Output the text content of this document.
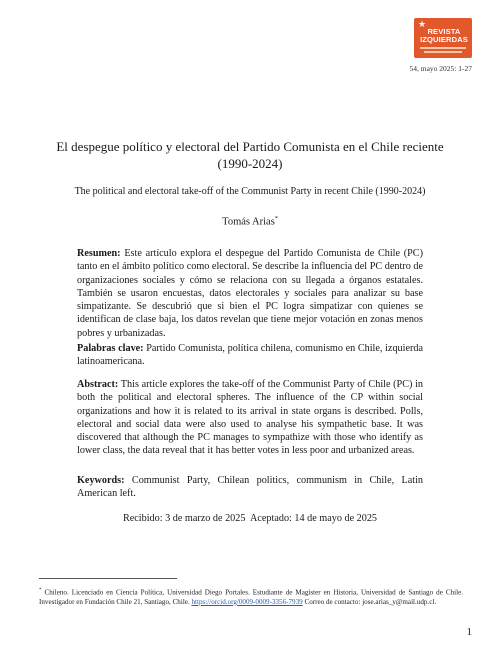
★
REVISTA
IZQUIERDAS
54, mayo 2025: 1-27
El despegue político y electoral del Partido Comunista en el Chile reciente (1990-2024)
The political and electoral take-off of the Communist Party in recent Chile (1990-2024)
Tomás Arias*

Resumen: Este artículo explora el despegue del Partido Comunista de Chile (PC) tanto en el ámbito político como electoral. Se describe la influencia del PC dentro de organizaciones sociales y cómo se relaciona con su llegada a órganos estatales. También se usaron encuestas, datos electorales y sociales para analizar su base simpatizante. Se descubrió que si bien el PC logra simpatizar con quienes se identifican de clase baja, los datos revelan que tiene mejor votación en zonas menos pobres y urbanizadas.

Palabras clave: Partido Comunista, política chilena, comunismo en Chile, izquierda latinoamericana.

Abstract: This article explores the take-off of the Communist Party of Chile (PC) in both the political and electoral spheres. The influence of the CP within social organizations and how it is related to its arrival in state organs is described. Polls, electoral and social data were also used to analyse his sympathetic base. It was discovered that although the PC manages to sympathize with those who identify as lower class, the data reveal that it has better votes in less poor and urbanized areas.

Keywords: Communist Party, Chilean politics, communism in Chile, Latin American left.

Recibido: 3 de marzo de 2025  Aceptado: 14 de mayo de 2025

* Chileno. Licenciado en Ciencia Política, Universidad Diego Portales. Estudiante de Magíster en Historia, Universidad de Santiago de Chile. Investigador en Fundación Chile 21, Santiago, Chile. https://orcid.org/0009-0009-3356-7939 Correo de contacto: jose.arias_y@mail.udp.cl.

1
